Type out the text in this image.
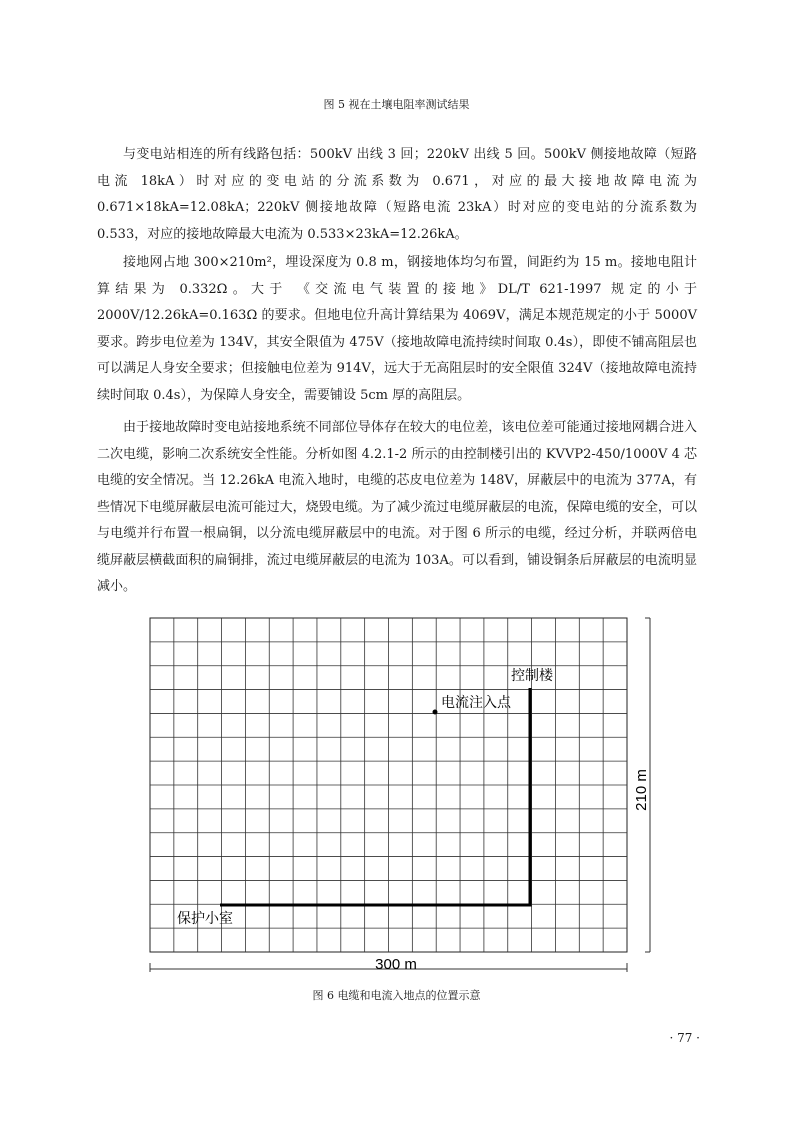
图 5 视在土壤电阻率测试结果

与变电站相连的所有线路包括：500kV 出线 3 回；220kV 出线 5 回。500kV 侧接地故障（短路电流 18kA）时对应的变电站的分流系数为 0.671，对应的最大接地故障电流为 0.671×18kA=12.08kA；220kV 侧接地故障（短路电流 23kA）时对应的变电站的分流系数为 0.533，对应的接地故障最大电流为 0.533×23kA=12.26kA。

接地网占地 300×210m²，埋设深度为 0.8 m，钢接地体均匀布置，间距约为 15 m。接地电阻计算结果为 0.332Ω。大于 《交流电气装置的接地》DL/T 621-1997 规定的小于 2000V/12.26kA=0.163Ω 的要求。但地电位升高计算结果为 4069V，满足本规范规定的小于 5000V 要求。跨步电位差为 134V，其安全限值为 475V（接地故障电流持续时间取 0.4s），即使不铺高阻层也可以满足人身安全要求；但接触电位差为 914V，远大于无高阻层时的安全限值 324V（接地故障电流持续时间取 0.4s），为保障人身安全，需要铺设 5cm 厚的高阻层。

由于接地故障时变电站接地系统不同部位导体存在较大的电位差，该电位差可能通过接地网耦合进入二次电缆，影响二次系统安全性能。分析如图 4.2.1-2 所示的由控制楼引出的 KVVP2-450/1000V 4 芯电缆的安全情况。当 12.26kA 电流入地时，电缆的芯皮电位差为 148V，屏蔽层中的电流为 377A，有些情况下电缆屏蔽层电流可能过大，烧毁电缆。为了减少流过电缆屏蔽层的电流，保障电缆的安全，可以与电缆并行布置一根扁铜，以分流电缆屏蔽层中的电流。对于图 6 所示的电缆，经过分析，并联两倍电缆屏蔽层横截面积的扁铜排，流过电缆屏蔽层的电流为 103A。可以看到，铺设铜条后屏蔽层的电流明显减小。

控制楼
电流注入点
保护小室
210 m
300 m
图 6 电缆和电流入地点的位置示意
· 77 ·
